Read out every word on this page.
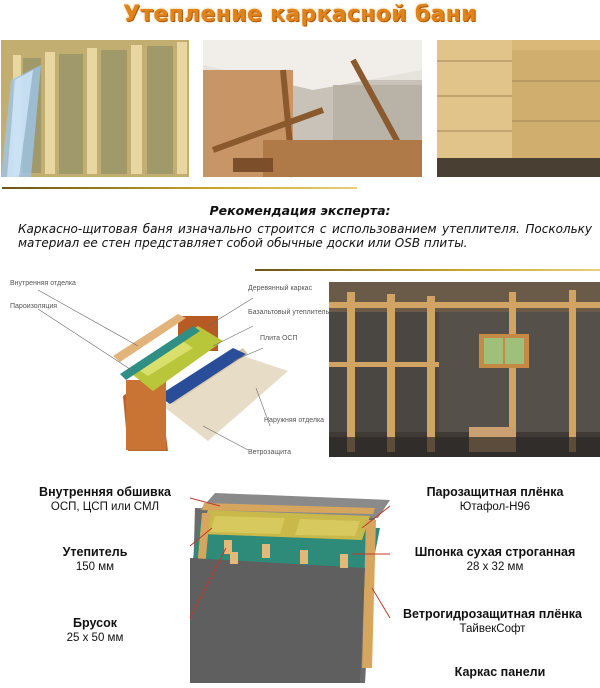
Утепление каркасной бани
Рекомендация эксперта:
Каркасно-щитовая баня изначально строится с использованием утеплителя. Поскольку материал ее стен представляет собой обычные доски или OSB плиты.
Внутренняя отделка
Пароизоляция
Деревянный каркас
Базальтовый утеплитель
Плита ОСП
Наружняя отделка
Ветрозащита
Внутренняя обшивка
ОСП, ЦСП или СМЛ
Утепитель
150 мм
Брусок
25 х 50 мм
Парозащитная плёнка
Ютафол-Н96
Шпонка сухая строганная
28 х 32 мм
Ветрогидрозащитная плёнка
ТайвекСофт
Каркас панели
